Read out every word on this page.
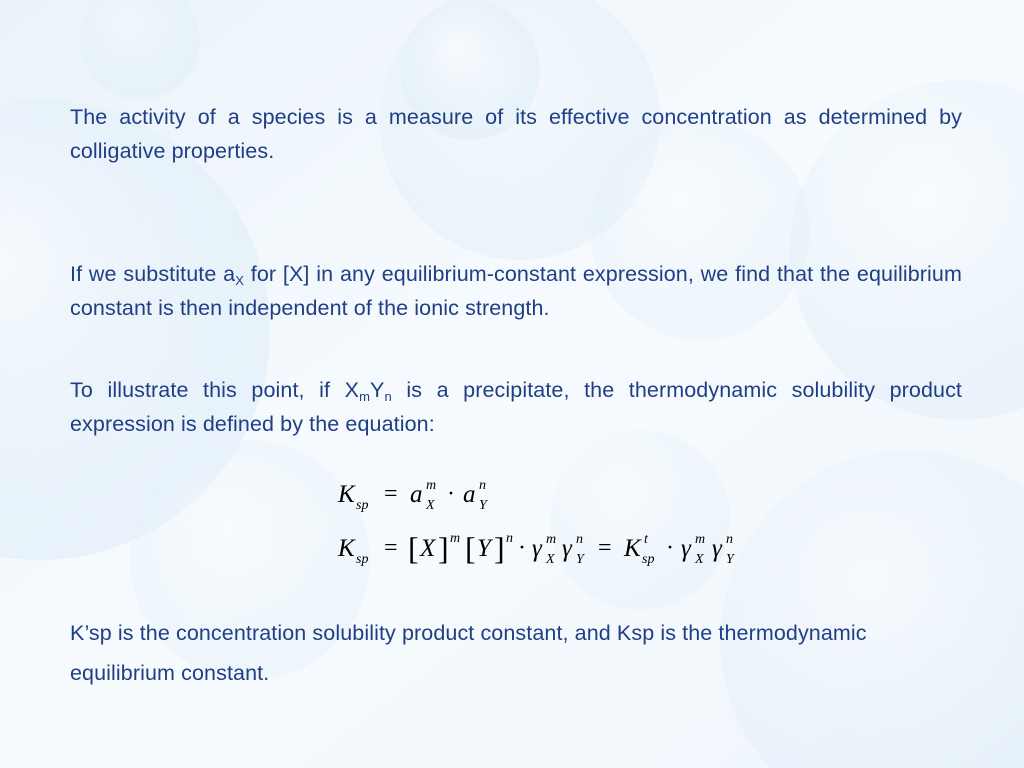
The activity of a species is a measure of its effective concentration as determined by colligative properties.
If we substitute $a_X$ for [X] in any equilibrium-constant expression, we find that the equilibrium constant is then independent of the ionic strength.
To illustrate this point, if $X_mY_n$ is a precipitate, the thermodynamic solubility product expression is defined by the equation:
K sp = a m
X · a n
Y
K sp = [ X ] m [ Y ] n · γ m
X γ n
Y = K t
sp · γ m
X γ n
Y
K’sp is the concentration solubility product constant, and Ksp is the thermodynamic equilibrium constant.
